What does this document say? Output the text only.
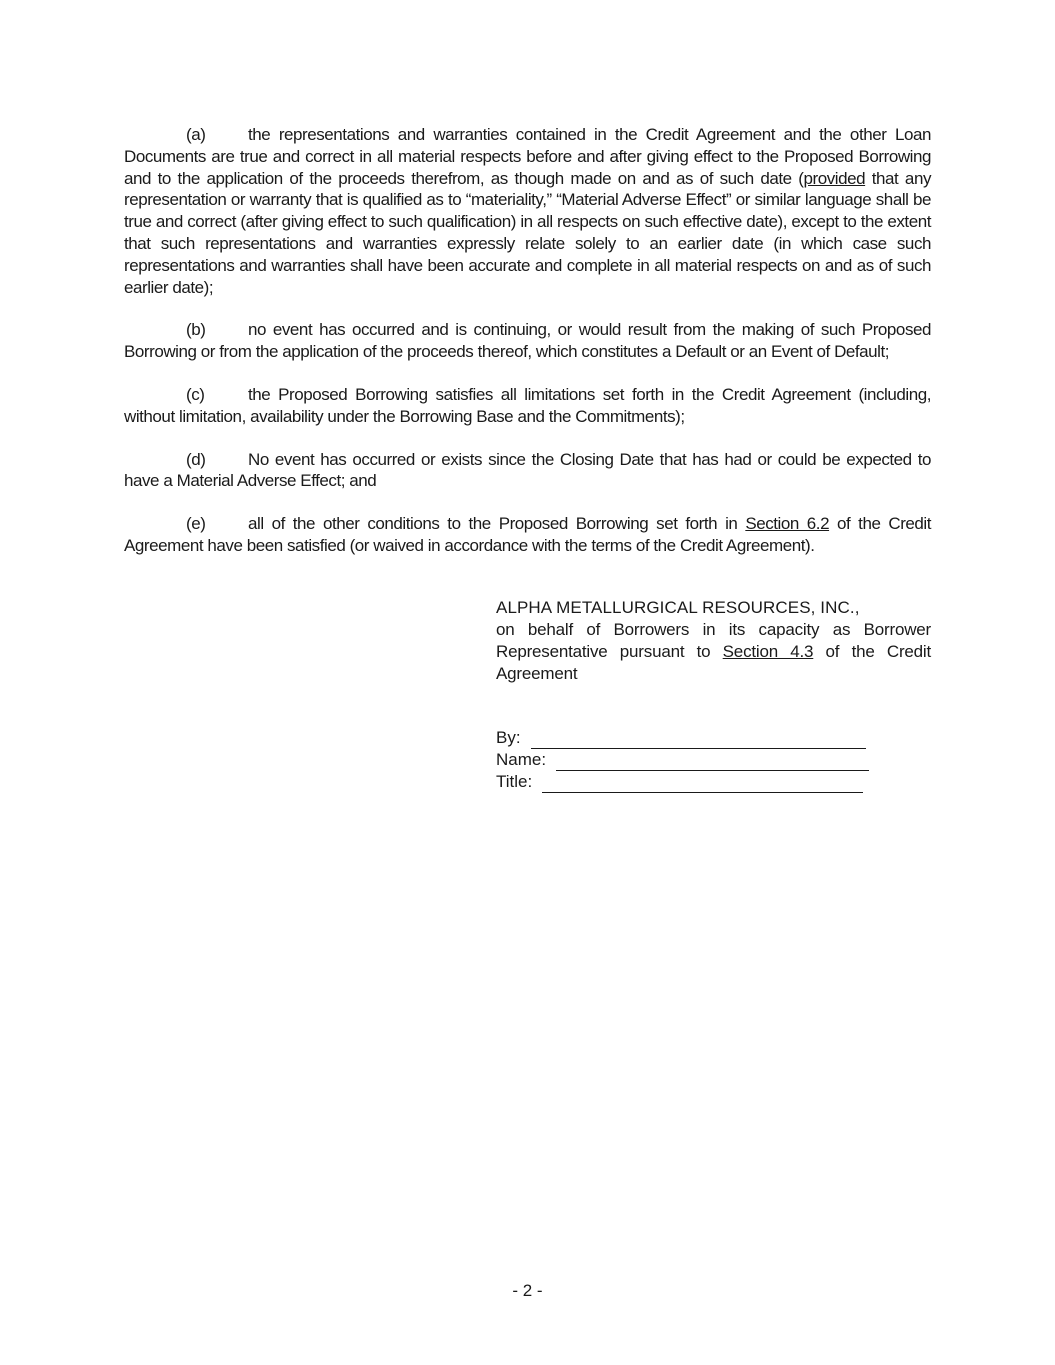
(a)	the representations and warranties contained in the Credit Agreement and the other Loan Documents are true and correct in all material respects before and after giving effect to the Proposed Borrowing and to the application of the proceeds therefrom, as though made on and as of such date (provided that any representation or warranty that is qualified as to “materiality,” “Material Adverse Effect” or similar language shall be true and correct (after giving effect to such qualification) in all respects on such effective date), except to the extent that such representations and warranties expressly relate solely to an earlier date (in which case such representations and warranties shall have been accurate and complete in all material respects on and as of such earlier date);

(b)	no event has occurred and is continuing, or would result from the making of such Proposed Borrowing or from the application of the proceeds thereof, which constitutes a Default or an Event of Default;

(c)	the Proposed Borrowing satisfies all limitations set forth in the Credit Agreement (including, without limitation, availability under the Borrowing Base and the Commitments);

(d)	No event has occurred or exists since the Closing Date that has had or could be expected to have a Material Adverse Effect; and

(e)	all of the other conditions to the Proposed Borrowing set forth in Section 6.2 of the Credit Agreement have been satisfied (or waived in accordance with the terms of the Credit Agreement).

ALPHA METALLURGICAL RESOURCES, INC.,
on behalf of Borrowers in its capacity as Borrower Representative pursuant to Section 4.3 of the Credit Agreement
By:
Name:
Title:
- 2 -
